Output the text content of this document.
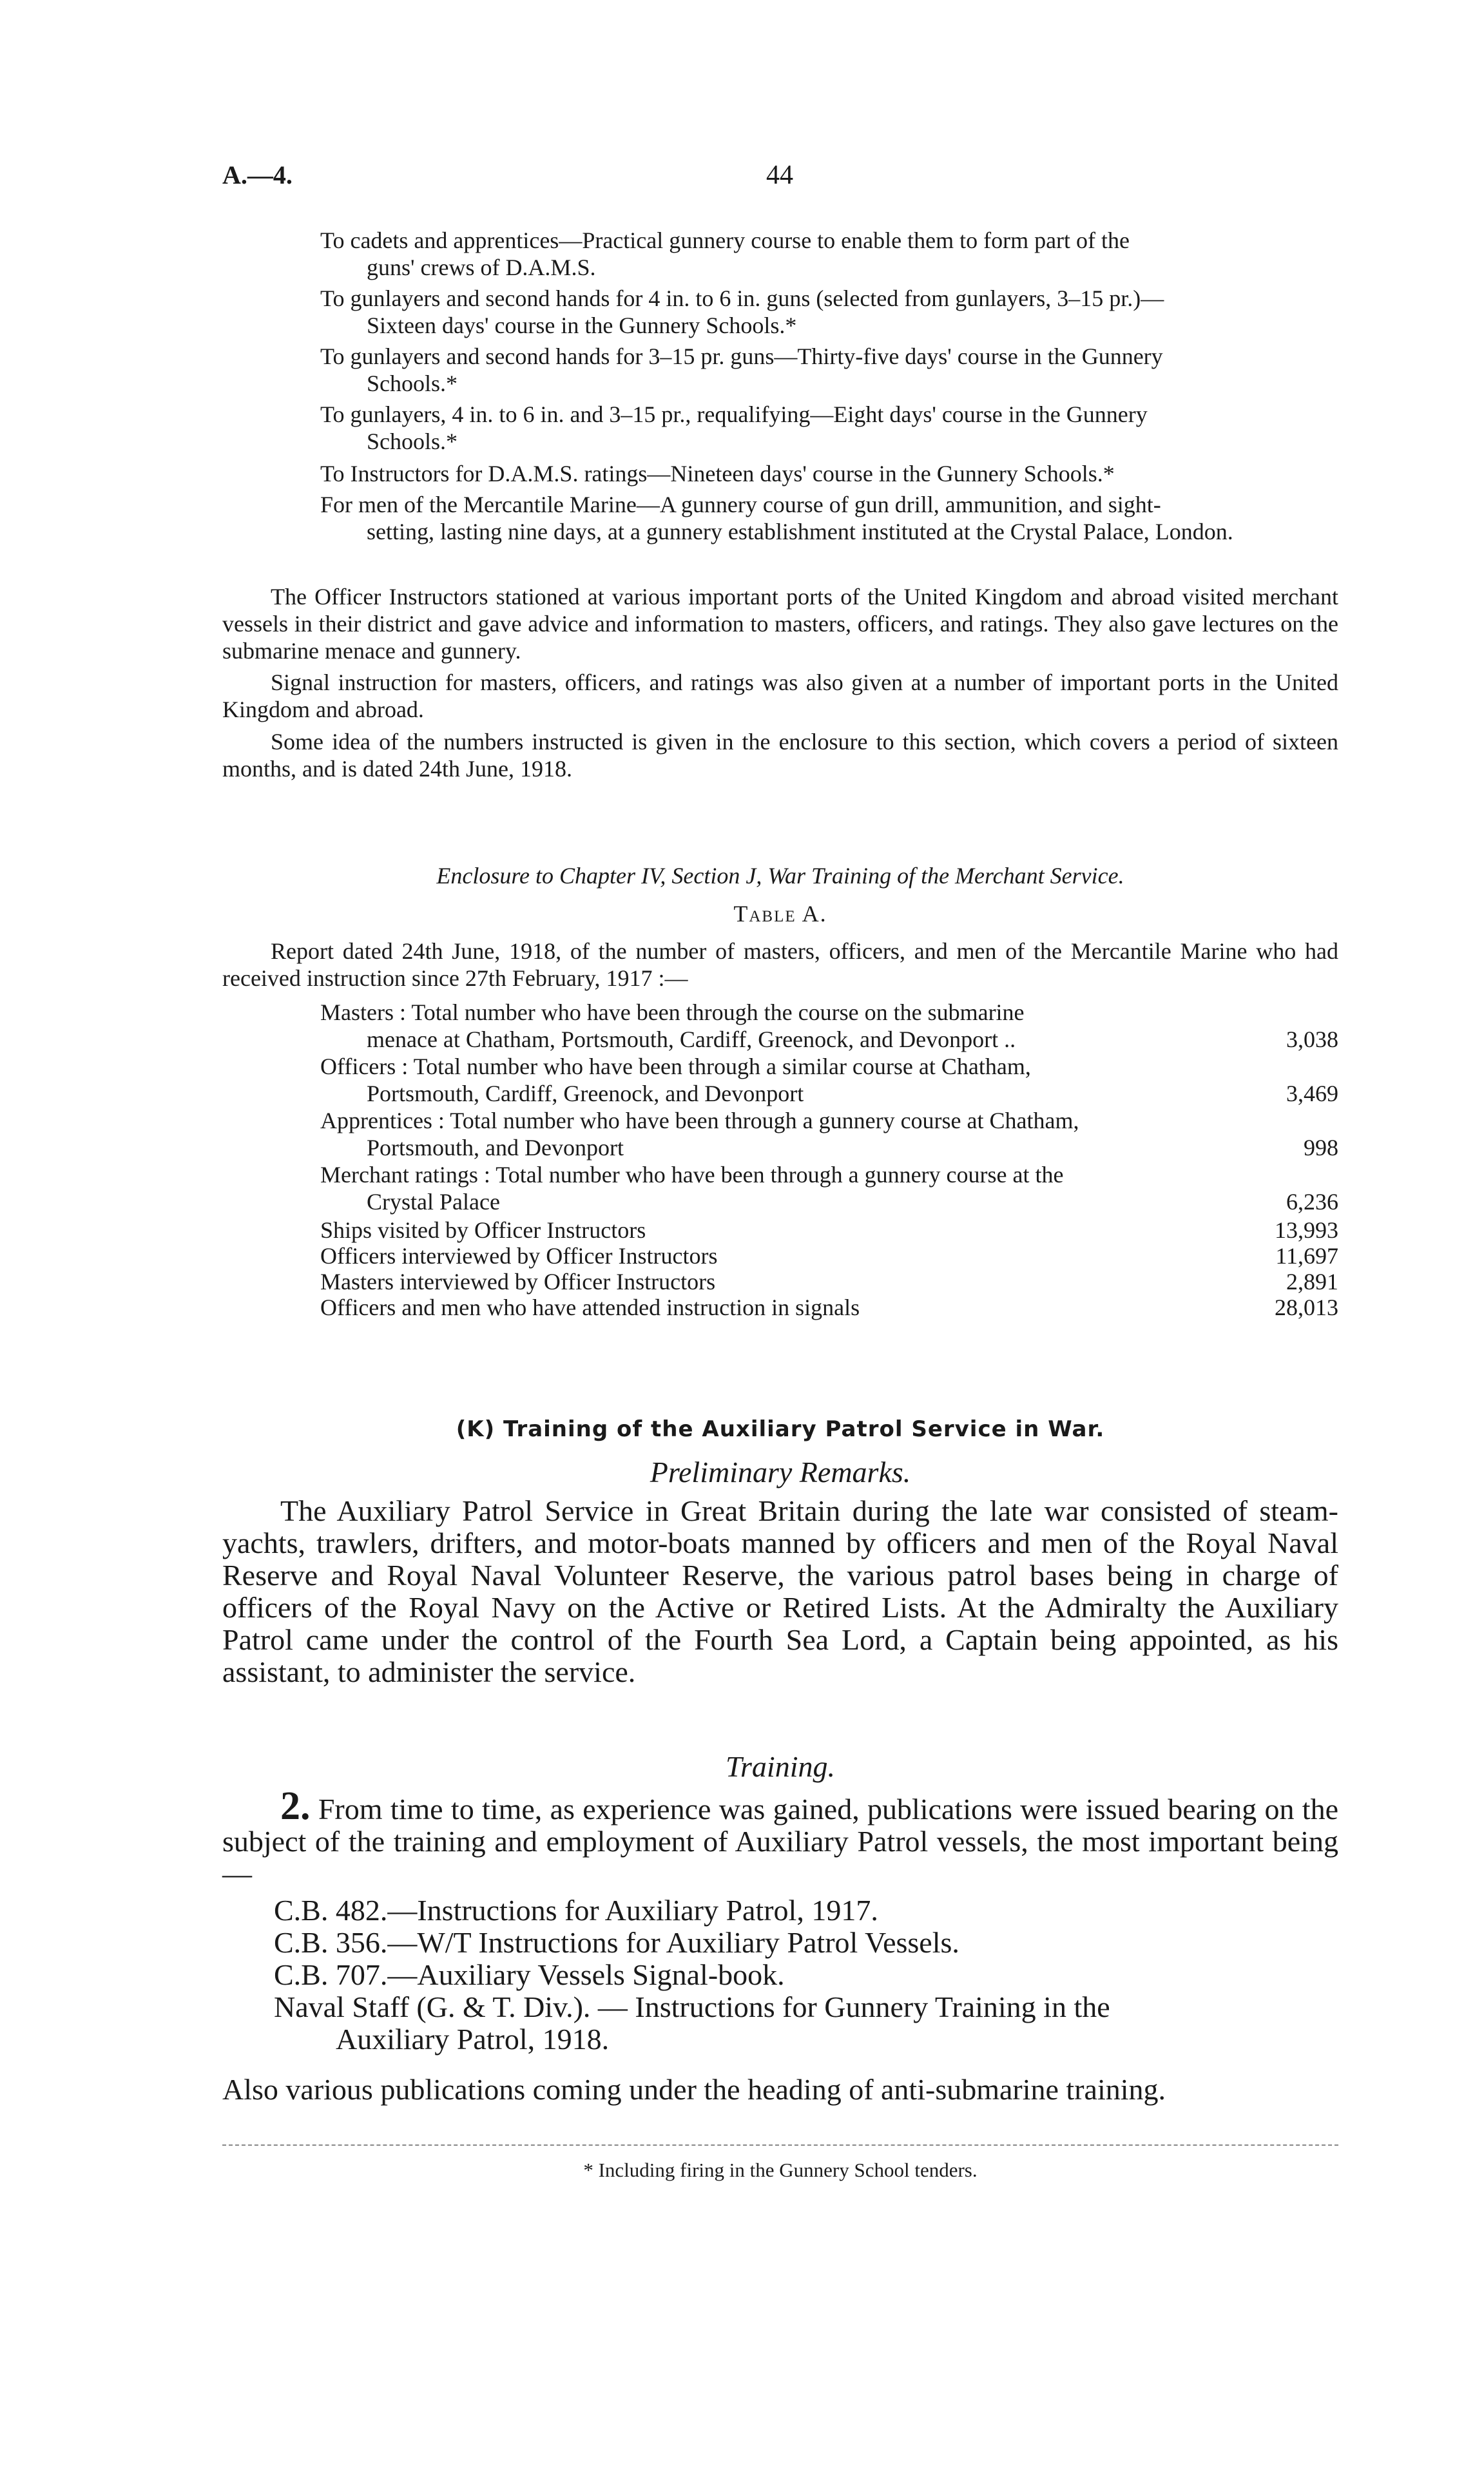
A.—4.	44
To cadets and apprentices—Practical gunnery course to enable them to form part of the
guns' crews of D.A.M.S.
To gunlayers and second hands for 4 in. to 6 in. guns (selected from gunlayers, 3–15 pr.)—
Sixteen days' course in the Gunnery Schools.*
To gunlayers and second hands for 3–15 pr. guns—Thirty-five days' course in the Gunnery
Schools.*
To gunlayers, 4 in. to 6 in. and 3–15 pr., requalifying—Eight days' course in the Gunnery
Schools.*
To Instructors for D.A.M.S. ratings—Nineteen days' course in the Gunnery Schools.*
For men of the Mercantile Marine—A gunnery course of gun drill, ammunition, and sight-

setting, lasting nine days, at a gunnery establishment instituted at the Crystal Palace, London.
The Officer Instructors stationed at various important ports of the United Kingdom and abroad visited merchant vessels in their district and gave advice and information to masters, officers, and ratings. They also gave lectures on the submarine menace and gunnery.
Signal instruction for masters, officers, and ratings was also given at a number of important ports in the United Kingdom and abroad.
Some idea of the numbers instructed is given in the enclosure to this section, which covers a period of sixteen months, and is dated 24th June, 1918.
Enclosure to Chapter IV, Section J, War Training of the Merchant Service.
Table A.
Report dated 24th June, 1918, of the number of masters, officers, and men of the Mercantile Marine who had received instruction since 27th February, 1917 :—
Masters : Total number who have been through the course on the submarine
menace at Chatham, Portsmouth, Cardiff, Greenock, and Devonport ..	3,038
Officers : Total number who have been through a similar course at Chatham,
Portsmouth, Cardiff, Greenock, and Devonport	3,469
Apprentices : Total number who have been through a gunnery course at Chatham,
Portsmouth, and Devonport	998
Merchant ratings : Total number who have been through a gunnery course at the
Crystal Palace	6,236
Ships visited by Officer Instructors	13,993
Officers interviewed by Officer Instructors	11,697
Masters interviewed by Officer Instructors	2,891
Officers and men who have attended instruction in signals	28,013
(K) Training of the Auxiliary Patrol Service in War.
Preliminary Remarks.
The Auxiliary Patrol Service in Great Britain during the late war consisted of steam-yachts, trawlers, drifters, and motor-boats manned by officers and men of the Royal Naval Reserve and Royal Naval Volunteer Reserve, the various patrol bases being in charge of officers of the Royal Navy on the Active or Retired Lists. At the Admiralty the Auxiliary Patrol came under the control of the Fourth Sea Lord, a Captain being appointed, as his assistant, to administer the service.
Training.
2. From time to time, as experience was gained, publications were issued bearing on the subject of the training and employment of Auxiliary Patrol vessels, the most important being—
C.B. 482.—Instructions for Auxiliary Patrol, 1917.
C.B. 356.—W/T Instructions for Auxiliary Patrol Vessels.
C.B. 707.—Auxiliary Vessels Signal-book.
Naval Staff (G. & T. Div.). — Instructions for Gunnery Training in the
Auxiliary Patrol, 1918.
Also various publications coming under the heading of anti-submarine training.
* Including firing in the Gunnery School tenders.
